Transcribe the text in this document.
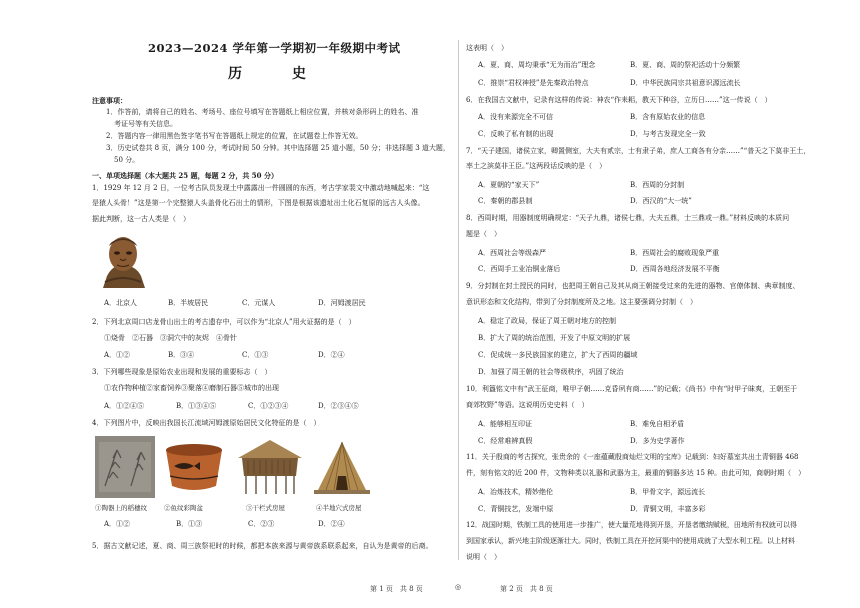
2023—2024 学年第一学期初一年级期中考试
历　史
注意事项：
1．作答前，请将自己的姓名、考场号、座位号填写在答题纸上相应位置，并核对条形码上的姓名、准
考证号等有关信息。
2．答题内容一律用黑色签字笔书写在答题纸上规定的位置，在试题卷上作答无效。
3．历史试卷共 8 页，满分 100 分，考试时间 50 分钟。其中选择题 25 道小题，50 分；非选择题 3 道大题，
50 分。
一、单项选择题（本大题共 25 题，每题 2 分，共 50 分）
1．1929 年 12 月 2 日，一位考古队员发现土中露露出一件圆圆的东西，考古学家裴文中激动地喊起来：“这
是猿人头骨！”这是第一个完整猿人头盖骨化石出土的情形，下图是根据该遗址出土化石复原的远古人头像。
据此判断，这一古人类是（　）
A．北京人	B．半坡居民	C．元谋人	D．河姆渡居民
2．下列北京周口店龙骨山出土的考古遗存中，可以作为“北京人”用火证据的是（　）
①烧骨　②石器　③洞穴中的灰烬　④骨针
A．①②	B．③④	C．①③	D．②④
3．下列哪些现象是原始农业出现和发展的重要标志（　）
①农作物种植②家畜饲养③聚落④磨制石器⑤城市的出现
A．①②④⑤	B．①③④⑤	C．①②③④	D．②③④⑤
4．下列图片中，反映出我国长江流域河姆渡原始居民文化特征的是（　）
①陶器上的稻穗纹	②鱼纹彩陶盆	③干栏式房屋	④半地穴式房屋
A．①②	B．①③	C．②③	D．②④
5．据古文献记述，夏、商、周三族祭祀时的时候，都把本族来源与黄帝族系联系起来，自认为是黄帝的后裔。
这表明（　）
A．夏、商、周均秉承“无为而治”理念	B．夏、商、周的祭祀活动十分频繁
C．推崇“君权神授”是先秦政治特点	D．中华民族同宗共祖意识源远流长
6．在我国古文献中，记录有这样的传说：神农“作耒耜，教天下种谷，立历日……”这一传说（　）
A．没有来源完全不可信	B．含有原始农业的信息
C．反映了私有制的出现	D．与考古发现完全一致
7．“天子建国，诸侯立家，卿置侧室，大夫有贰宗，士有隶子弟，庶人工商各有分亲……”“普天之下莫非王土，
率土之滨莫非王臣。”这两段话反映的是（　）
A．夏朝的“家天下”	B．西周的分封制
C．秦朝的郡县制	D．西汉的“大一统”
8．西周时期，用器制度明确规定：“天子九鼎，诸侯七鼎，大夫五鼎，士三鼎或一鼎。”材料反映的本质问
题是（　）
A．西周社会等级森严	B．西周社会的腐败现象严重
C．西周手工业冶铜业落后	D．西周各地经济发展不平衡
9．分封制在封土授民的同时，也把周王朝自己及其从商王朝接受过来的先进的器物、官僚体制、典章制度、
意识形态和文化结构，带到了分封制度所及之地。这主要强调分封制（　）
A．稳定了政局，保证了周王朝对地方的控制
B．扩大了周的统治范围，开发了中原文明的扩展
C．促成统一多民族国家的建立，扩大了西周的疆域
D．加强了周王朝的社会等级秩序，巩固了统治
10．利簋铭文中有“武王征商，唯甲子朝……克昏夙有商……”的记载；《尚书》中有“时甲子昧爽，王朝至于
商郊牧野”等语。这说明历史史料（　）
A．能够相互印证	B．难免自相矛盾
C．经常难辨真假	D．多为史学著作
11．关于殷商的考古探究，张贵余的《一座蕴藏殷商灿烂文明的宝库》记载到：妇好墓室共出土青铜器 468
件，刻有铭文的近 200 件，文物种类以礼器和武器为主，最重的铜器多达 15 种。由此可知，商朝时期（　）
A．冶炼技术，精妙绝伦	B．甲骨文字，源远流长
C．青铜技艺，发端中原	D．青铜文明，丰富多彩
12．战国时期，铁制工具的使用进一步推广，使大量荒地得到开垦，开垦者缴纳赋税，田地所有权就可以得
到国家承认，新兴地主阶级逐渐壮大。同时，铁制工具在开挖河渠中的使用成就了大型水利工程。以上材料
说明（　）
第 1 页　共 8 页	◎	第 2 页　共 8 页
